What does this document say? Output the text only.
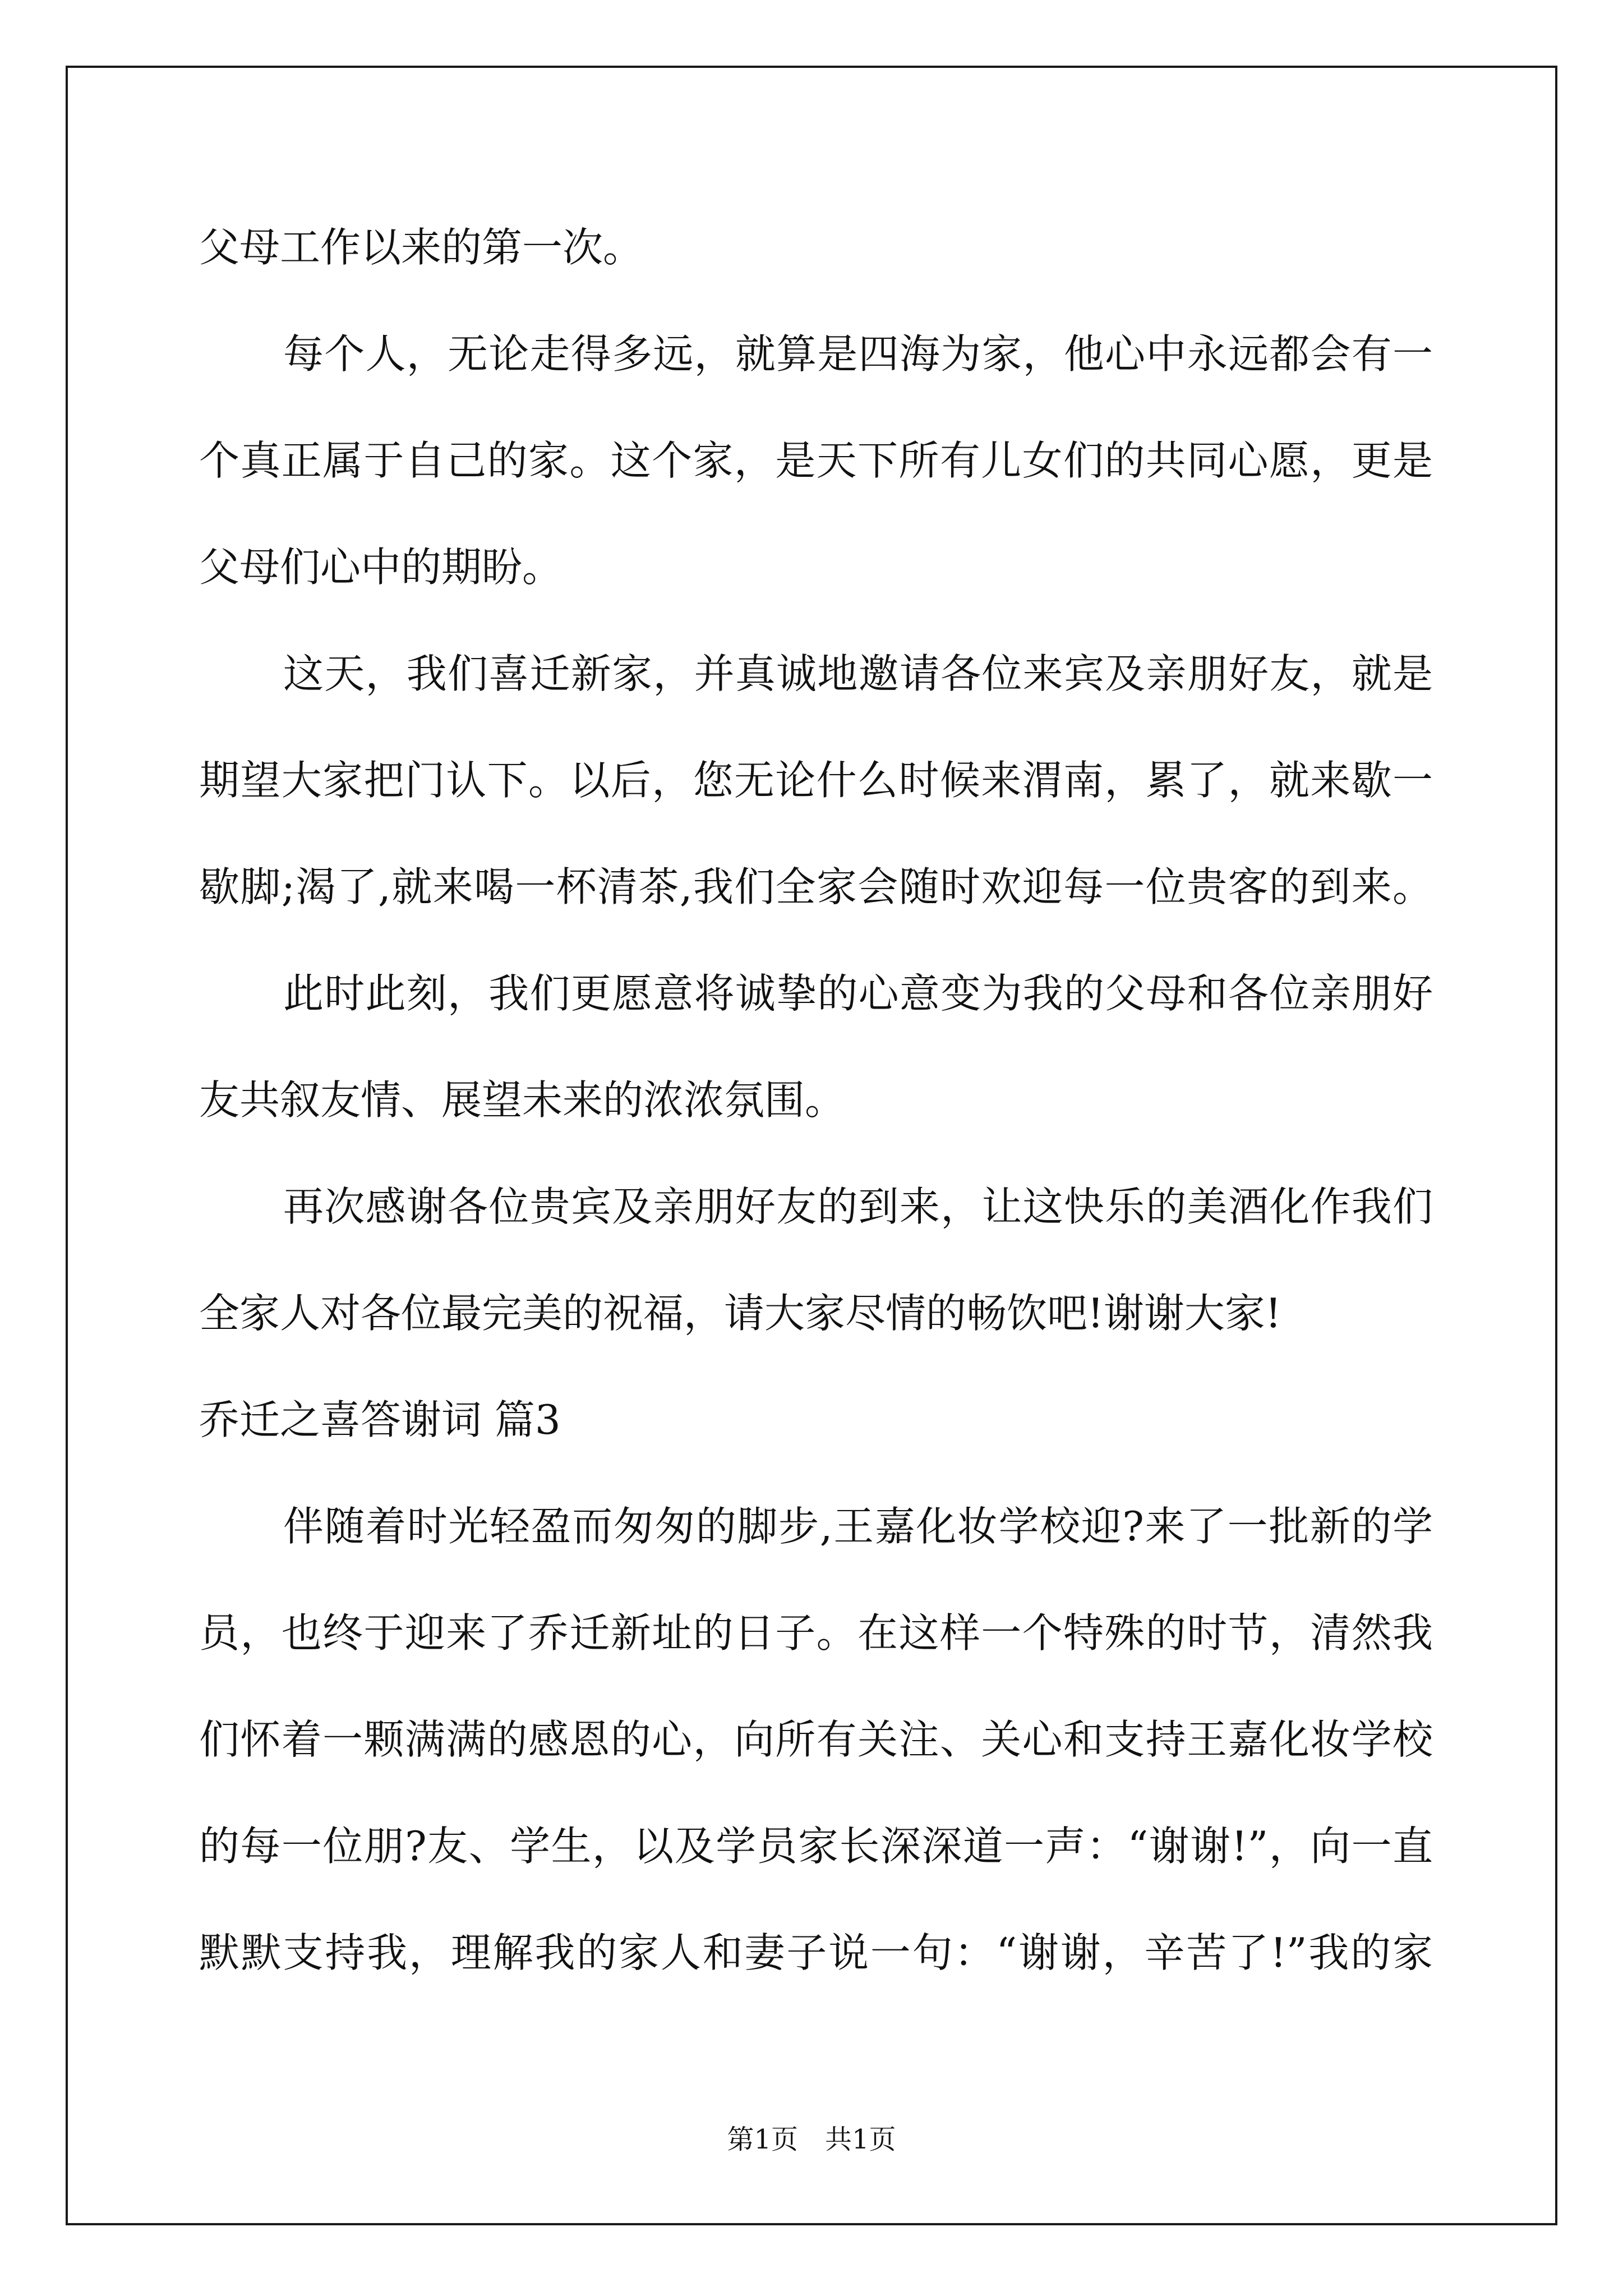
父母工作以来的第一次。
每个人，无论走得多远，就算是四海为家，他心中永远都会有一
个真正属于自己的家。这个家，是天下所有儿女们的共同心愿，更是
父母们心中的期盼。
这天，我们喜迁新家，并真诚地邀请各位来宾及亲朋好友，就是
期望大家把门认下。以后，您无论什么时候来渭南，累了，就来歇一
歇脚;渴了,就来喝一杯清茶,我们全家会随时欢迎每一位贵客的到来。
此时此刻，我们更愿意将诚挚的心意变为我的父母和各位亲朋好
友共叙友情、展望未来的浓浓氛围。
再次感谢各位贵宾及亲朋好友的到来，让这快乐的美酒化作我们
全家人对各位最完美的祝福，请大家尽情的畅饮吧!谢谢大家!
乔迁之喜答谢词 篇3
伴随着时光轻盈而匆匆的脚步,王嘉化妆学校迎?来了一批新的学
员，也终于迎来了乔迁新址的日子。在这样一个特殊的时节，清然我
们怀着一颗满满的感恩的心，向所有关注、关心和支持王嘉化妆学校
的每一位朋?友、学生，以及学员家长深深道一声：“谢谢!”，向一直
默默支持我，理解我的家人和妻子说一句：“谢谢，辛苦了!”我的家
第1页　共1页
